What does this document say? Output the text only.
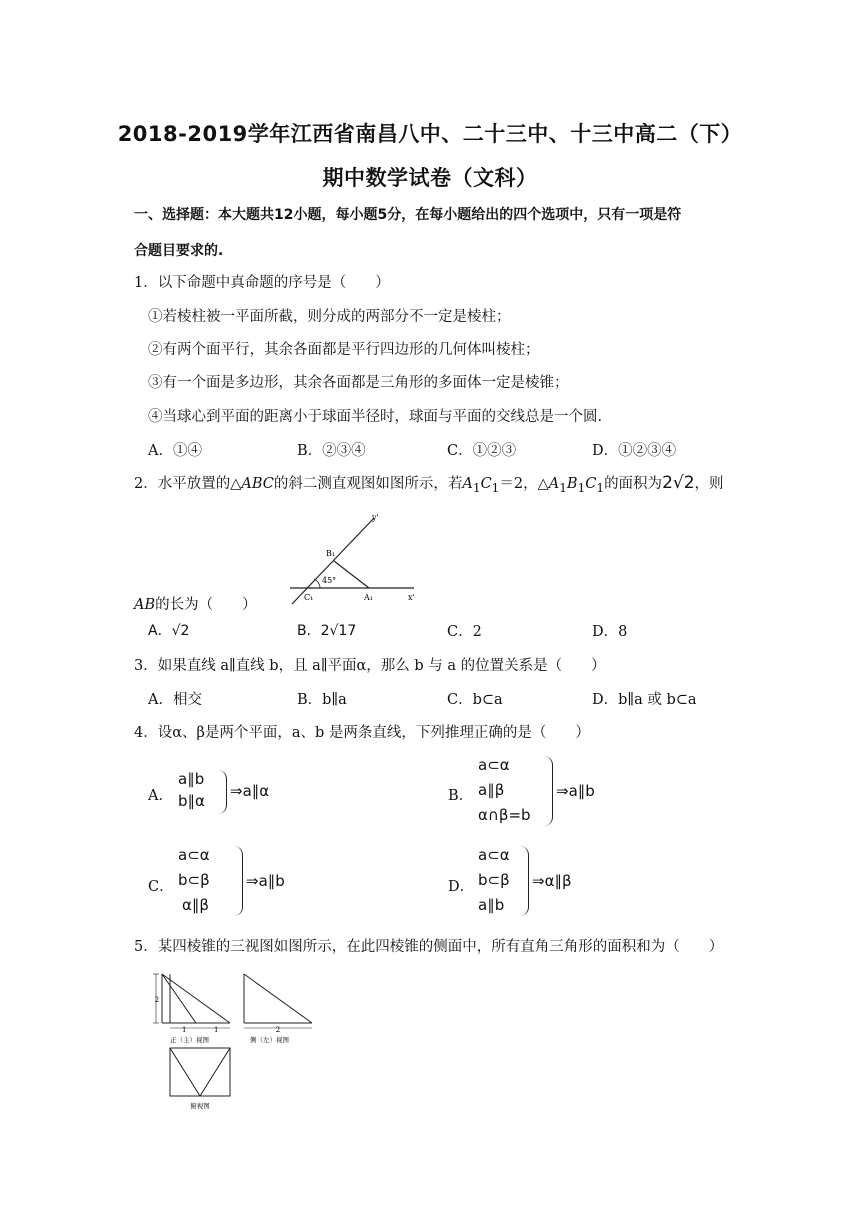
2018-2019学年江西省南昌八中、二十三中、十三中高二（下）
期中数学试卷（文科）
一、选择题：本大题共12小题，每小题5分，在每小题给出的四个选项中，只有一项是符
合题目要求的.
1．以下命题中真命题的序号是（　　）
①若棱柱被一平面所截，则分成的两部分不一定是棱柱；
②有两个面平行，其余各面都是平行四边形的几何体叫棱柱；
③有一个面是多边形，其余各面都是三角形的多面体一定是棱锥；
④当球心到平面的距离小于球面半径时，球面与平面的交线总是一个圆.
A．①④	B．②③④	C．①②③	D．①②③④
2．水平放置的△ABC的斜二测直观图如图所示，若$A_1C_1=2$，$\triangle A_1B_1C_1$的面积为2√2，则
y'
x'
B₁
C₁	A₁
45°
AB的长为（　　）
A．√2	B．2√17	C．2	D．8
3．如果直线 a∥直线 b，且 a∥平面α，那么 b 与 a 的位置关系是（　　）
A．相交	B．b∥a	C．b⊂a	D．b∥a 或 b⊂a
4．设α、β是两个平面，a、b 是两条直线，下列推理正确的是（　　）
A．
a∥b
b∥α
⇒a∥α	B．
a⊂α
a∥β
α∩β=b
⇒a∥b
C．
a⊂α
b⊂β
α∥β
⇒a∥b	D．
a⊂α
b⊂β
a∥b
⇒α∥β
5．某四棱锥的三视图如图所示，在此四棱锥的侧面中，所有直角三角形的面积和为（　　）
2
1	1
正（主）视图
2
侧（左）视图
俯视图
